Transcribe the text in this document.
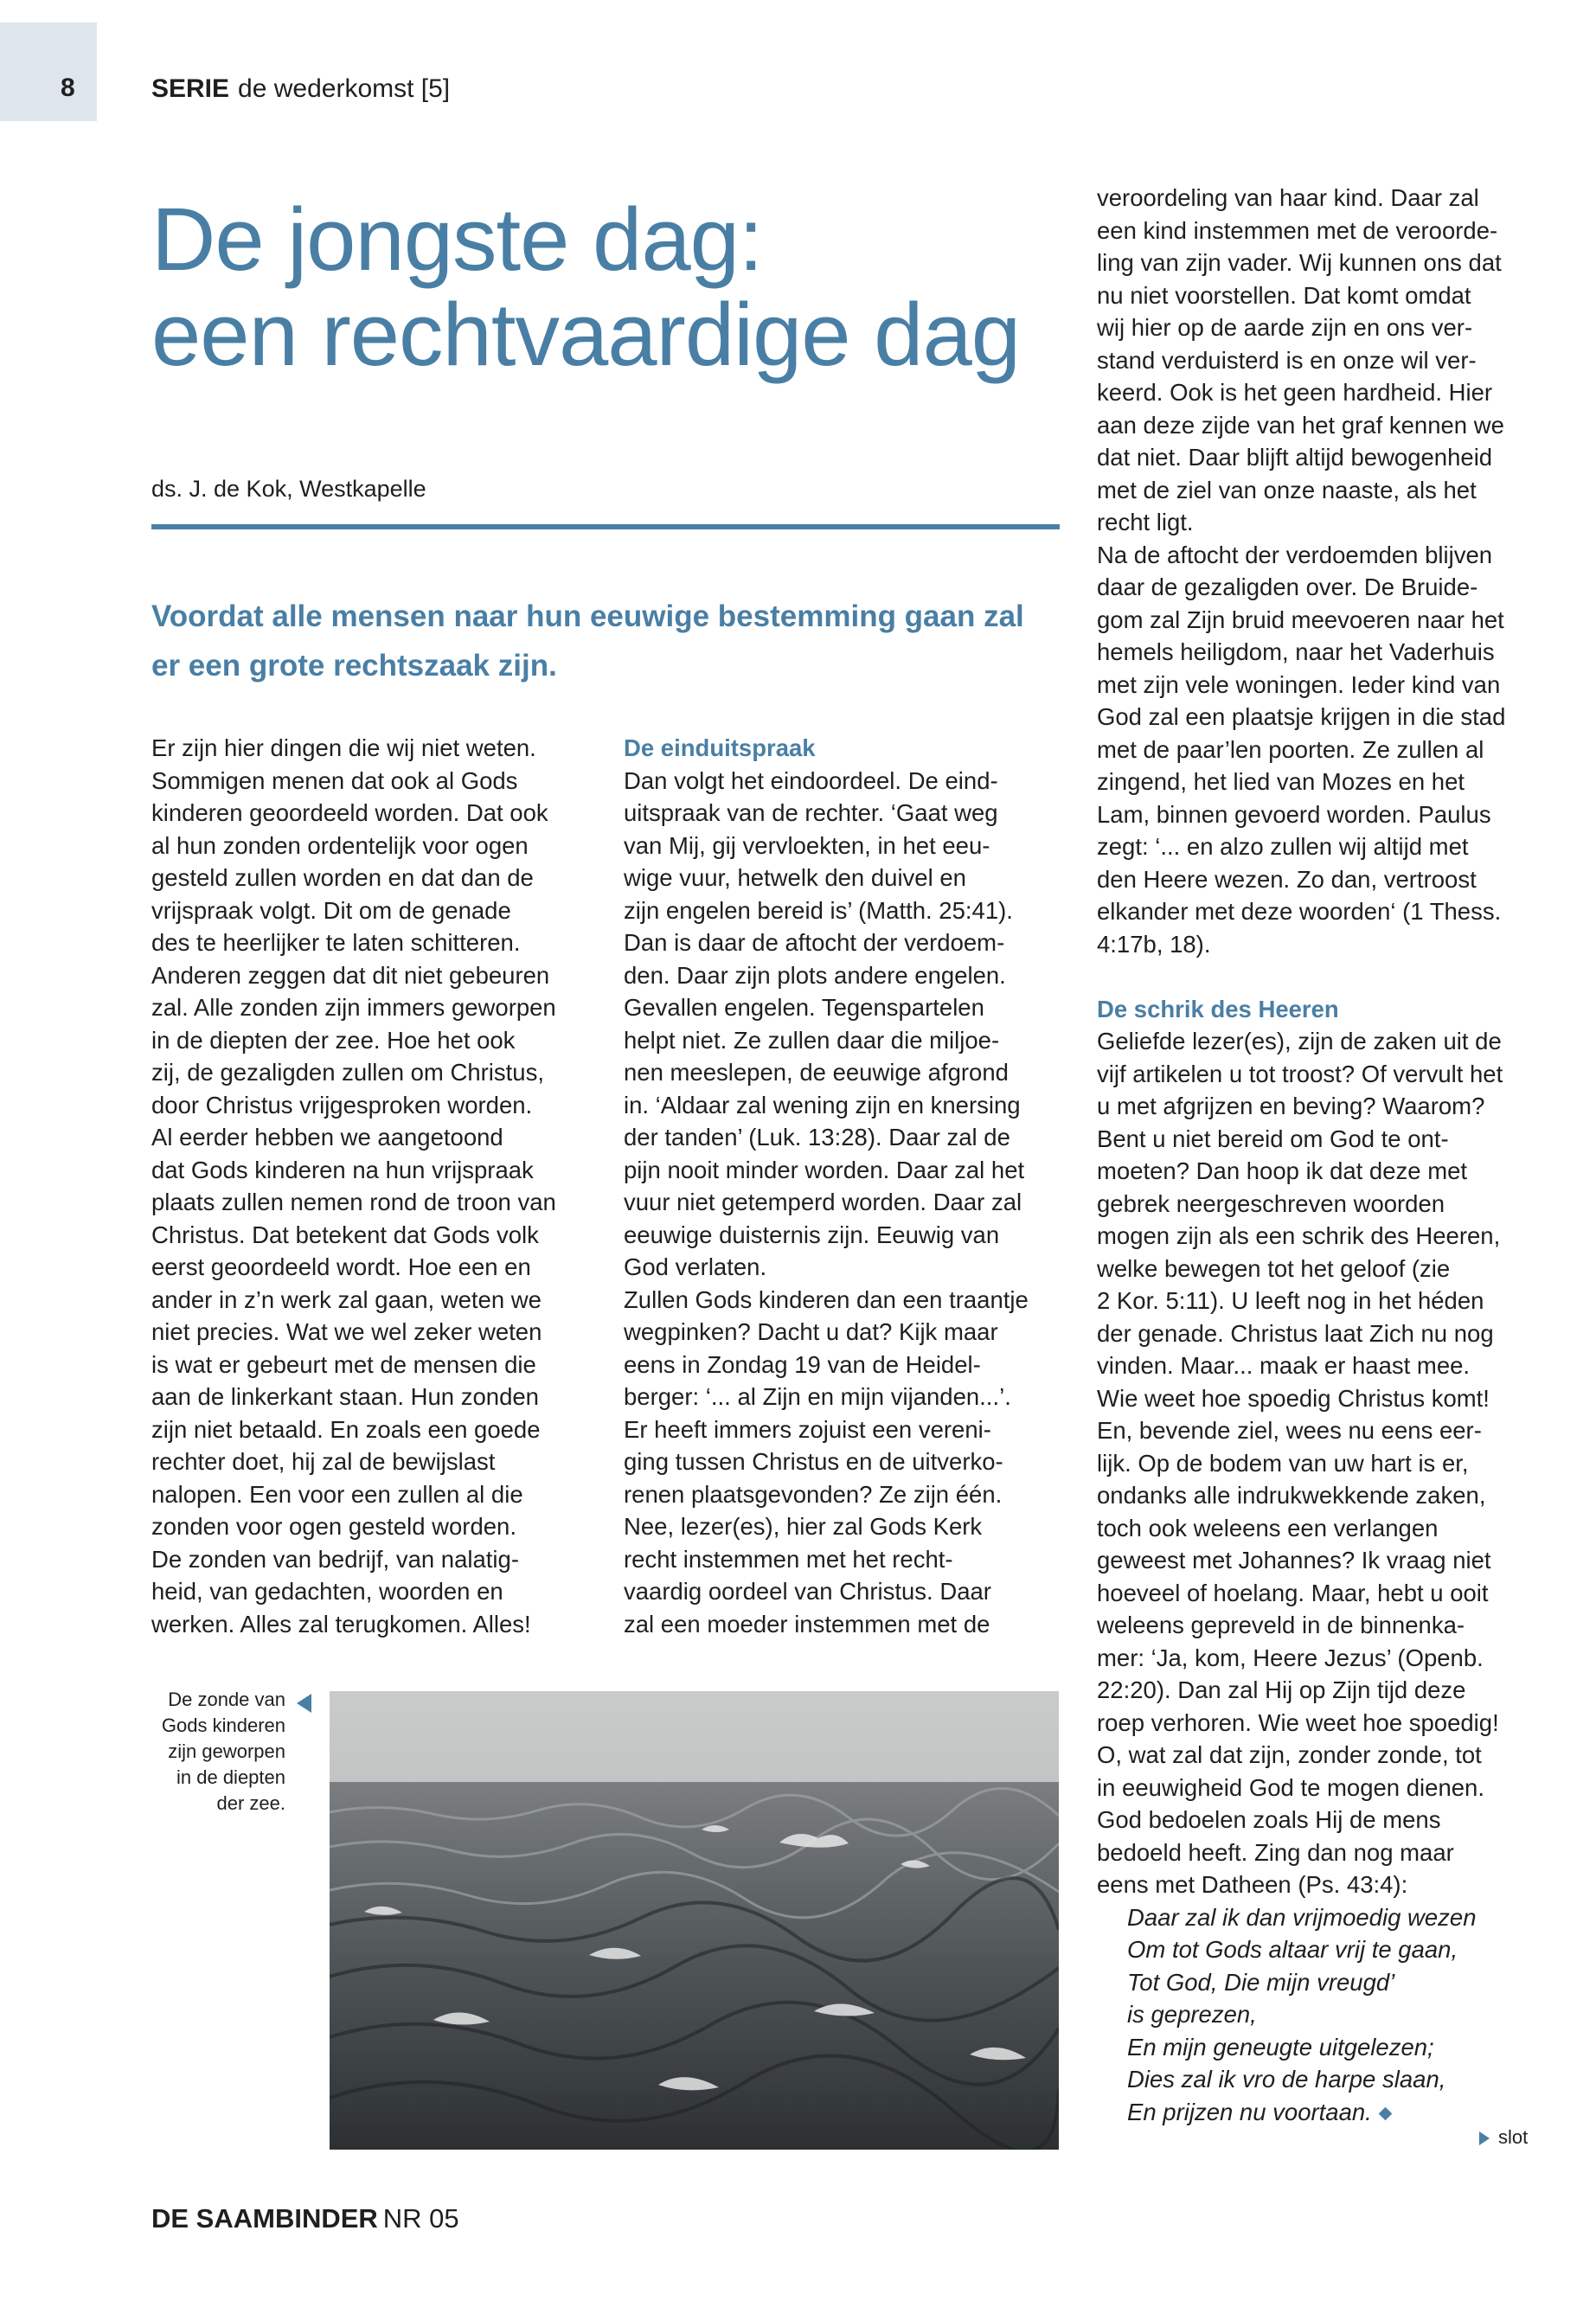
8	SERIE de wederkomst [5]
De jongste dag:
een rechtvaardige dag
ds. J. de Kok, Westkapelle
Voordat alle mensen naar hun eeuwige bestemming gaan zal
er een grote rechtszaak zijn.
Er zijn hier dingen die wij niet weten.
Sommigen menen dat ook al Gods
kinderen geoordeeld worden. Dat ook
al hun zonden ordentelijk voor ogen
gesteld zullen worden en dat dan de
vrijspraak volgt. Dit om de genade
des te heerlijker te laten schitteren.
Anderen zeggen dat dit niet gebeuren
zal. Alle zonden zijn immers geworpen
in de diepten der zee. Hoe het ook
zij, de gezaligden zullen om Christus,
door Christus vrijgesproken worden.
Al eerder hebben we aangetoond
dat Gods kinderen na hun vrijspraak
plaats zullen nemen rond de troon van
Christus. Dat betekent dat Gods volk
eerst geoordeeld wordt. Hoe een en
ander in z’n werk zal gaan, weten we
niet precies. Wat we wel zeker weten
is wat er gebeurt met de mensen die
aan de linkerkant staan. Hun zonden
zijn niet betaald. En zoals een goede
rechter doet, hij zal de bewijslast
nalopen. Een voor een zullen al die
zonden voor ogen gesteld worden.
De zonden van bedrijf, van nalatig-
heid, van gedachten, woorden en
werken. Alles zal terugkomen. Alles!
De einduitspraak
Dan volgt het eindoordeel. De eind-
uitspraak van de rechter. ‘Gaat weg
van Mij, gij vervloekten, in het eeu-
wige vuur, hetwelk den duivel en
zijn engelen bereid is’ (Matth. 25:41).
Dan is daar de aftocht der verdoem-
den. Daar zijn plots andere engelen.
Gevallen engelen. Tegenspartelen
helpt niet. Ze zullen daar die miljoe-
nen meeslepen, de eeuwige afgrond
in. ‘Aldaar zal wening zijn en knersing
der tanden’ (Luk. 13:28). Daar zal de
pijn nooit minder worden. Daar zal het
vuur niet getemperd worden. Daar zal
eeuwige duisternis zijn. Eeuwig van
God verlaten.
Zullen Gods kinderen dan een traantje
wegpinken? Dacht u dat? Kijk maar
eens in Zondag 19 van de Heidel-
berger: ‘... al Zijn en mijn vijanden...’.
Er heeft immers zojuist een vereni-
ging tussen Christus en de uitverko-
renen plaatsgevonden? Ze zijn één.
Nee, lezer(es), hier zal Gods Kerk
recht instemmen met het recht-
vaardig oordeel van Christus. Daar
zal een moeder instemmen met de
veroordeling van haar kind. Daar zal
een kind instemmen met de veroorde-
ling van zijn vader. Wij kunnen ons dat
nu niet voorstellen. Dat komt omdat
wij hier op de aarde zijn en ons ver-
stand verduisterd is en onze wil ver-
keerd. Ook is het geen hardheid. Hier
aan deze zijde van het graf kennen we
dat niet. Daar blijft altijd bewogenheid
met de ziel van onze naaste, als het
recht ligt.
Na de aftocht der verdoemden blijven
daar de gezaligden over. De Bruide-
gom zal Zijn bruid meevoeren naar het
hemels heiligdom, naar het Vaderhuis
met zijn vele woningen. Ieder kind van
God zal een plaatsje krijgen in die stad
met de paar’len poorten. Ze zullen al
zingend, het lied van Mozes en het
Lam, binnen gevoerd worden. Paulus
zegt: ‘... en alzo zullen wij altijd met
den Heere wezen. Zo dan, vertroost
elkander met deze woorden‘ (1 Thess.
4:17b, 18).
De schrik des Heeren
Geliefde lezer(es), zijn de zaken uit de
vijf artikelen u tot troost? Of vervult het
u met afgrijzen en beving? Waarom?
Bent u niet bereid om God te ont-
moeten? Dan hoop ik dat deze met
gebrek neergeschreven woorden
mogen zijn als een schrik des Heeren,
welke bewegen tot het geloof (zie
2 Kor. 5:11). U leeft nog in het héden
der genade. Christus laat Zich nu nog
vinden. Maar... maak er haast mee.
Wie weet hoe spoedig Christus komt!
En, bevende ziel, wees nu eens eer-
lijk. Op de bodem van uw hart is er,
ondanks alle indrukwekkende zaken,
toch ook weleens een verlangen
geweest met Johannes? Ik vraag niet
hoeveel of hoelang. Maar, hebt u ooit
weleens gepreveld in de binnenka-
mer: ‘Ja, kom, Heere Jezus’ (Openb.
22:20). Dan zal Hij op Zijn tijd deze
roep verhoren. Wie weet hoe spoedig!
O, wat zal dat zijn, zonder zonde, tot
in eeuwigheid God te mogen dienen.
God bedoelen zoals Hij de mens
bedoeld heeft. Zing dan nog maar
eens met Datheen (Ps. 43:4):
Daar zal ik dan vrijmoedig wezen
Om tot Gods altaar vrij te gaan,
Tot God, Die mijn vreugd’
is geprezen,
En mijn geneugte uitgelezen;
Dies zal ik vro de harpe slaan,
En prijzen nu voortaan.
De zonde van
Gods kinderen
zijn geworpen
in de diepten
der zee.
slot
DE SAAMBINDER NR 05
